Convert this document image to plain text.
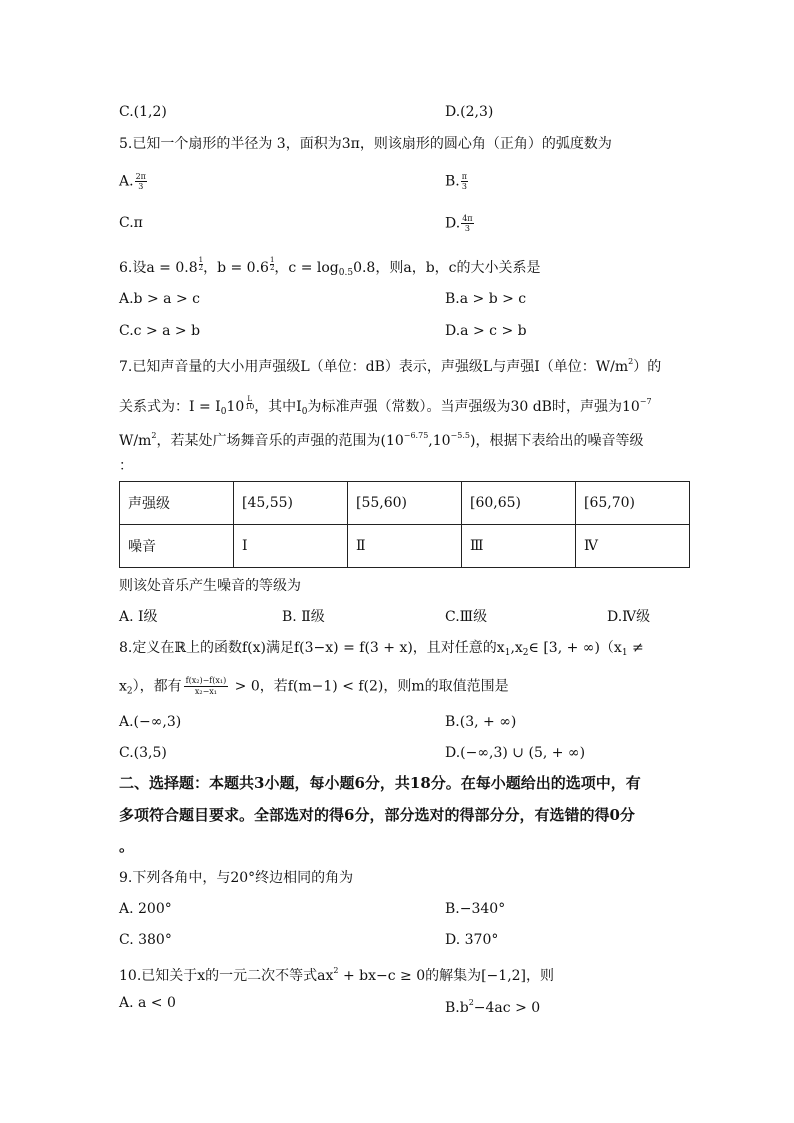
C.(1,2)	D.(2,3)
5.已知一个扇形的半径为 3，面积为3π，则该扇形的圆心角（正角）的弧度数为
A. $\frac{2\pi}{3}$	B. $\frac{\pi}{3}$
C.π	D. $\frac{4\pi}{3}$
6.设$a = 0.8 \frac{1}{2}$ ，$b = 0.6 \frac{1}{2}$ ，$c = \log_{0.5}0.8$，则a，b，c的大小关系是
A.b > a > c	B.a > b > c
C.c > a > b	D.a > c > b
7.已知声音量的大小用声强级L（单位：dB）表示，声强级L与声强I（单位：$W/m^2$）的
关系式为：$I = I_010 \frac{L}{10}$ ，其中$I_0$为标准声强（常数）。当声强级为30 dB时，声强为$10^{-7}$
$W/m^2$，若某处广场舞音乐的声强的范围为$(10^{-6.75},10^{-5.5})$，根据下表给出的噪音等级
：
声强级	[45,55)	[55,60)	[60,65)	[65,70)
噪音	Ⅰ	Ⅱ	Ⅲ	Ⅳ
则该处音乐产生噪音的等级为
A. Ⅰ级	B. Ⅱ级	C.Ⅲ级	D.Ⅳ级
8.定义在ℝ上的函数f(x)满足f(3−x) = f(3 + x)，且对任意的$x_1,x_2\in$ [3, + $\infty)(x_1$ ≠
$x_2$），都有 $\frac{\text{f(x₂)−f(x₁)}}{\text{x₂−x₁}} > 0$，若f(m−1) < f(2)，则m的取值范围是
A.(−∞,3)	B.(3, + ∞)
C.(3,5)	D.(−∞,3) ∪ (5, + ∞)
二、选择题：本题共3小题，每小题6分，共18分。在每小题给出的选项中，有
多项符合题目要求。全部选对的得6分，部分选对的得部分分，有选错的得0分
。
9.下列各角中，与20°终边相同的角为
A. 200°	B.−340°
C. 380°	D. 370°
10.已知关于x的一元二次不等式$ax^2 + bx-c \ge 0$的解集为[−1,2]，则
A. a < 0	$B.b^2-4ac > 0$
